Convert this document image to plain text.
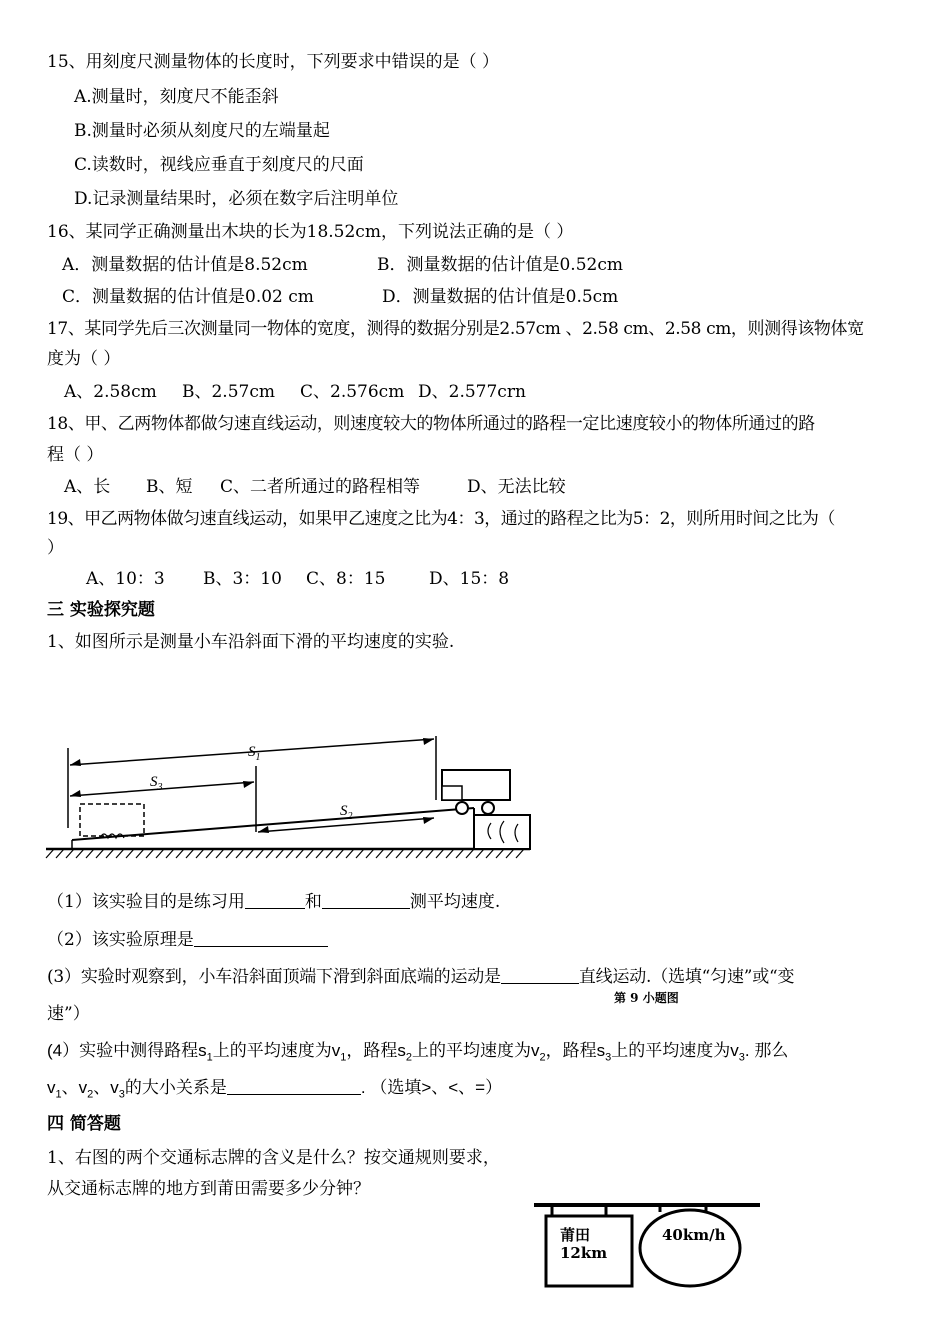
15、用刻度尺测量物体的长度时，下列要求中错误的是（ ）
A.测量时，刻度尺不能歪斜
B.测量时必须从刻度尺的左端量起
C.读数时，视线应垂直于刻度尺的尺面
D.记录测量结果时，必须在数字后注明单位
16、某同学正确测量出木块的长为18.52cm，下列说法正确的是（ ）
A．测量数据的估计值是8.52cm	B．测量数据的估计值是0.52cm
C．测量数据的估计值是0.02 cm	D．测量数据的估计值是0.5cm
17、某同学先后三次测量同一物体的宽度，测得的数据分别是2.57cm 、2.58 cm、2.58 cm，则测得该物体宽
度为（ ）
A、2.58cm B、2.57cm C、2.576cm D、2.577crn
18、甲、乙两物体都做匀速直线运动，则速度较大的物体所通过的路程一定比速度较小的物体所通过的路
程（ ）
A、长 B、短 C、二者所通过的路程相等	D、无法比较
19、甲乙两物体做匀速直线运动，如果甲乙速度之比为4：3，通过的路程之比为5：2，则所用时间之比为（
）
A、10：3 B、3：10 C、8：15	D、15：8
三 实验探究题
1、如图所示是测量小车沿斜面下滑的平均速度的实验.
$S_1$
$S_3$
$S_2$
（1）该实验目的是练习用	和	测平均速度.
（2）该实验原理是
(3）实验时观察到，小车沿斜面顶端下滑到斜面底端的运动是	直线运动.（选填“匀速”或“变
第 9 小题图
速”）
(4）实验中测得路程$s_1$上的平均速度为$v_1$，路程$s_2$上的平均速度为$v_2$，路程$s_3$上的平均速度为$v_3$. 那么
$v_1$、$v_2$、$v_3$的大小关系是	. （选填>、<、=）
四 简答题
1、右图的两个交通标志牌的含义是什么？按交通规则要求，
从交通标志牌的地方到莆田需要多少分钟？
莆田
12km
40km/h
